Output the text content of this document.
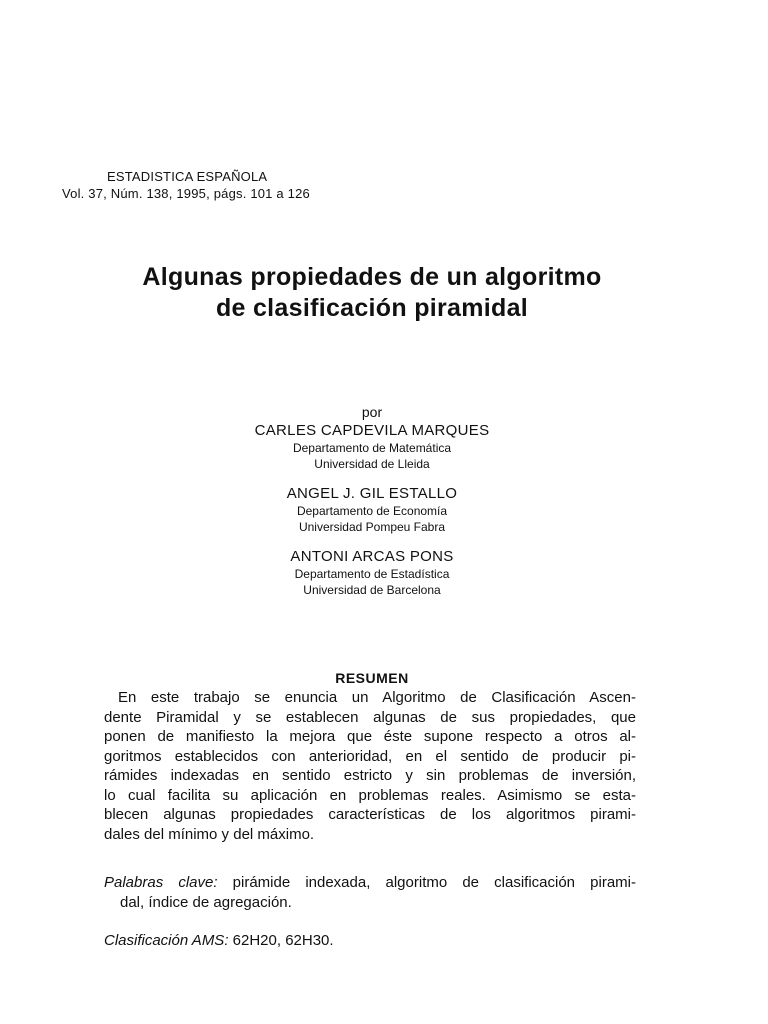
ESTADISTICA ESPAÑOLA
Vol. 37, Núm. 138, 1995, págs. 101 a 126
Algunas propiedades de un algoritmo
de clasificación piramidal
por
CARLES CAPDEVILA MARQUES
Departamento de Matemática
Universidad de Lleida
ANGEL J. GIL ESTALLO
Departamento de Economía
Universidad Pompeu Fabra
ANTONI ARCAS PONS
Departamento de Estadística
Universidad de Barcelona
RESUMEN
En este trabajo se enuncia un Algoritmo de Clasificación Ascen-
dente Piramidal y se establecen algunas de sus propiedades, que
ponen de manifiesto la mejora que éste supone respecto a otros al-
goritmos establecidos con anterioridad, en el sentido de producir pi-
rámides indexadas en sentido estricto y sin problemas de inversión,
lo cual facilita su aplicación en problemas reales. Asimismo se esta-
blecen algunas propiedades características de los algoritmos pirami-
dales del mínimo y del máximo.
Palabras clave: pirámide indexada, algoritmo de clasificación pirami-
dal, índice de agregación.
Clasificación AMS: 62H20, 62H30.
